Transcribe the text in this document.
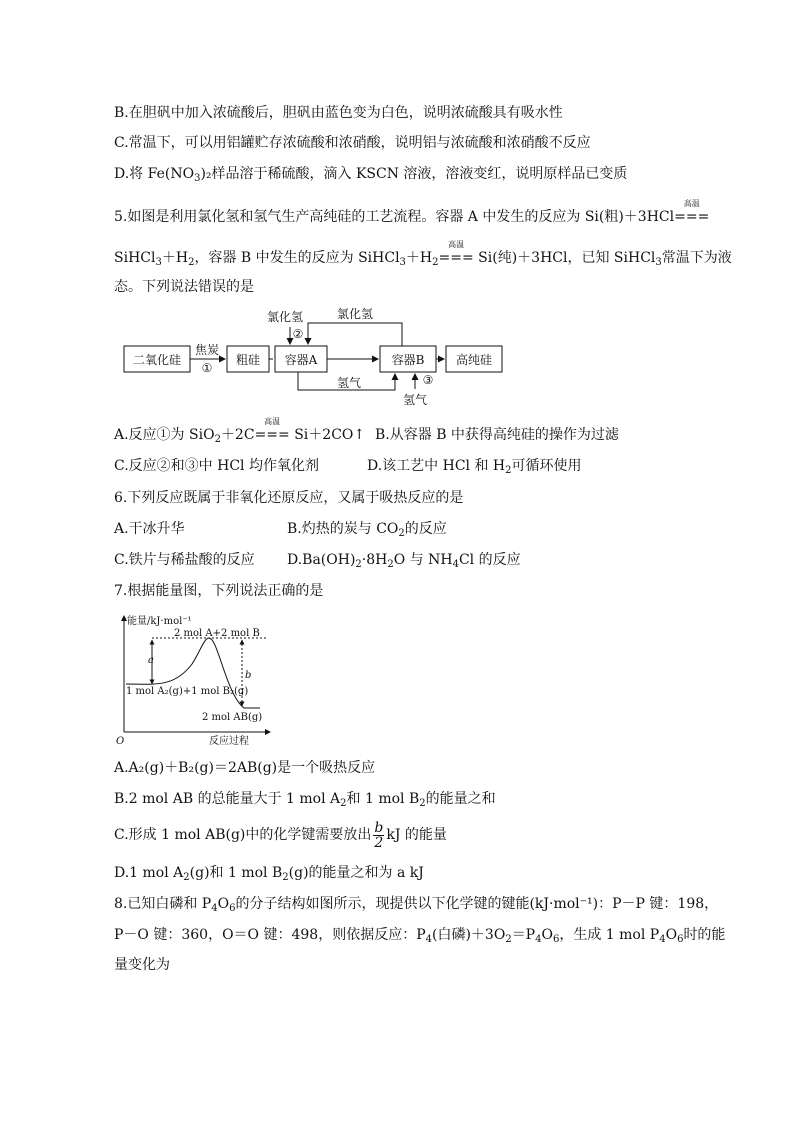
B.在胆矾中加入浓硫酸后，胆矾由蓝色变为白色，说明浓硫酸具有吸水性
C.常温下，可以用铝罐贮存浓硫酸和浓硝酸，说明铝与浓硫酸和浓硝酸不反应
D.将 $Fe(NO_3)_2$样品溶于稀硫酸，滴入 KSCN 溶液，溶液变红，说明原样品已变质
5.如图是利用氯化氢和氢气生产高纯硅的工艺流程。容器 A 中发生的反应为 Si(粗)＋3HCl
高温
===
$SiHCl_3+H_2$，容器 B 中发生的反应为 $SiHCl_3+H_2$
高温
=== Si(纯)＋3HCl，已知 SiHCl$_3$常温下为液
态。下列说法错误的是
二氧化硅	粗硅 容器A	容器B	高纯硅
焦炭
①
②
③
氯化氢	氯化氢
氢气
氢气
A.反应①为 SiO$_2$＋2C
高温
=== Si＋2CO↑ B.从容器 B 中获得高纯硅的操作为过滤
C.反应②和③中 HCl 均作氧化剂	D.该工艺中 HCl 和 $H_2$可循环使用
6.下列反应既属于非氧化还原反应，又属于吸热反应的是
A.干冰升华	B.灼热的炭与 $CO_2$的反应
C.铁片与稀盐酸的反应 $D.Ba(OH)_2\cdot 8H_2O$ 与 $NH_4Cl$ 的反应
7.根据能量图，下列说法正确的是
能量/kJ·mol⁻¹
2 mol A+2 mol B
1 mol A₂(g)+1 mol B₂(g)
2 mol AB(g)
a
b
O	反应过程
A.A₂(g)＋B₂(g)＝2AB(g)是一个吸热反应
B.2 mol AB 的总能量大于 1 mol $A_2$和 1 mol $B_2$的能量之和
C.形成 1 mol AB(g)中的化学键需要放出 $\frac{b}{2}$ kJ 的能量
D.1 mol $A_2(g)$和 1 mol $B_2(g)$的能量之和为 a kJ
8.已知白磷和 $P_4O_6$的分子结构如图所示，现提供以下化学键的键能(kJ·mol⁻¹)：P－P 键：198，
P－O 键：360，O＝O 键：498，则依据反应：$P_4$(白磷)$+3O_2=P_4O_6$，生成 1 mol $P_4O_6$时的能
量变化为
